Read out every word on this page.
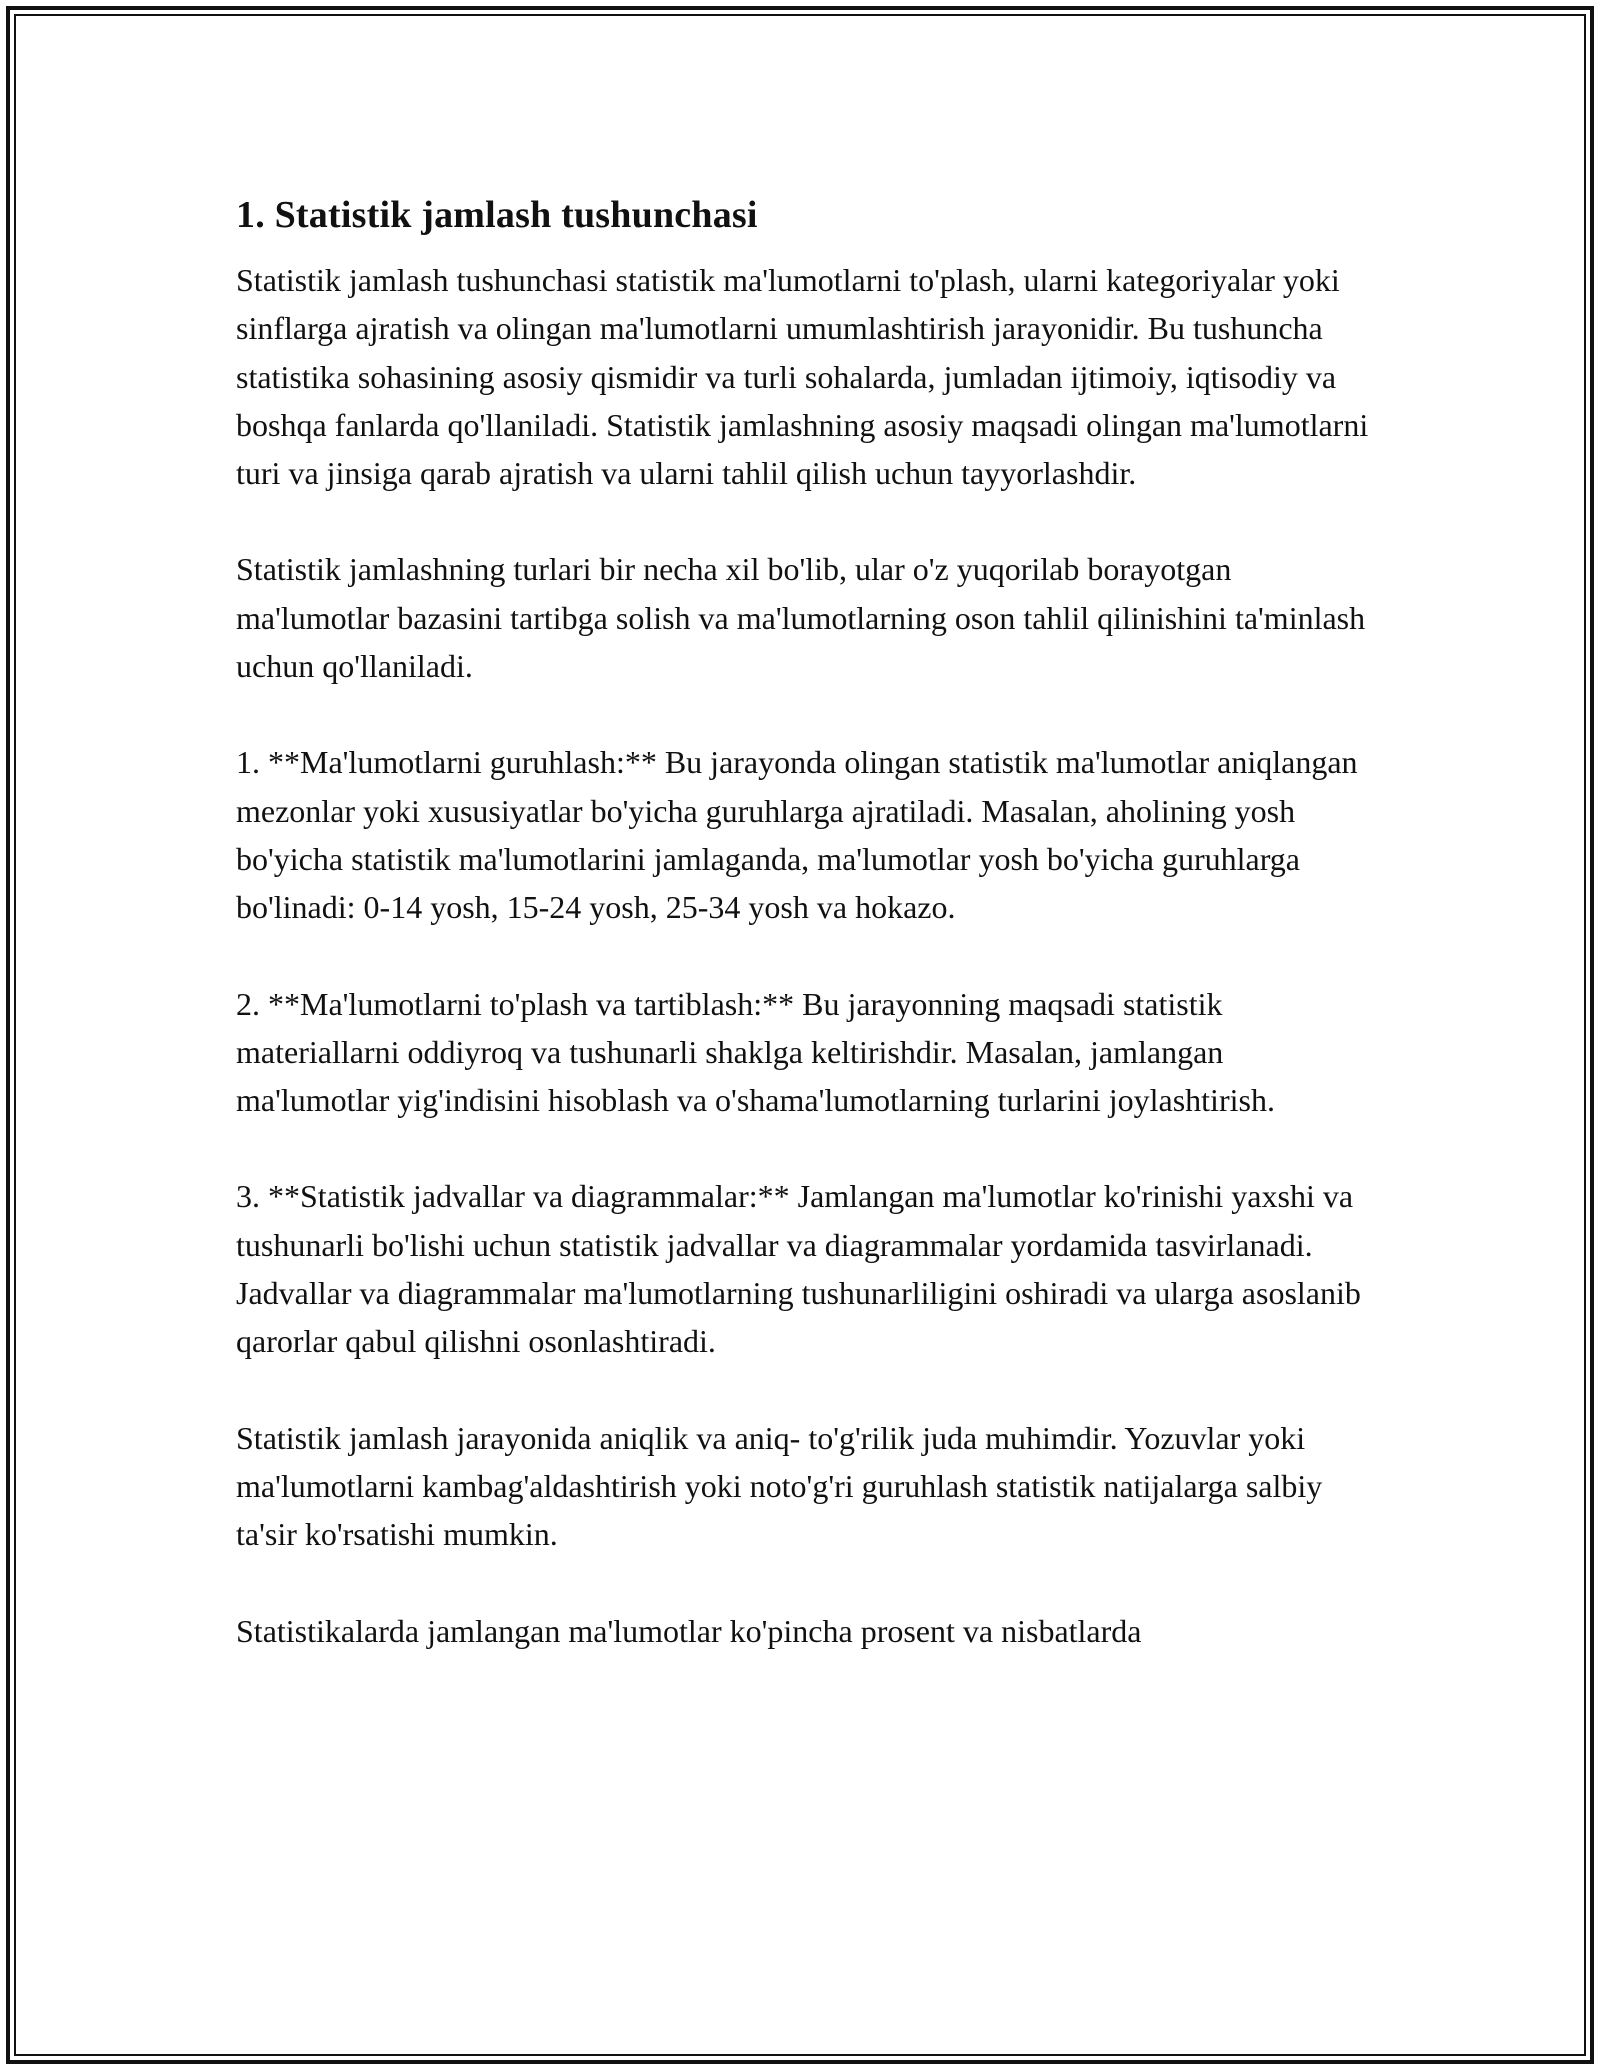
1. Statistik jamlash tushunchasi

Statistik jamlash tushunchasi statistik ma'lumotlarni to'plash, ularni kategoriyalar yoki sinflarga ajratish va olingan ma'lumotlarni umumlashtirish jarayonidir. Bu tushuncha statistika sohasining asosiy qismidir va turli sohalarda, jumladan ijtimoiy, iqtisodiy va boshqa fanlarda qo'llaniladi. Statistik jamlashning asosiy maqsadi olingan ma'lumotlarni turi va jinsiga qarab ajratish va ularni tahlil qilish uchun tayyorlashdir.

Statistik jamlashning turlari bir necha xil bo'lib, ular o'z yuqorilab borayotgan ma'lumotlar bazasini tartibga solish va ma'lumotlarning oson tahlil qilinishini ta'minlash uchun qo'llaniladi.

1. **Ma'lumotlarni guruhlash:** Bu jarayonda olingan statistik ma'lumotlar aniqlangan mezonlar yoki xususiyatlar bo'yicha guruhlarga ajratiladi. Masalan, aholining yosh bo'yicha statistik ma'lumotlarini jamlaganda, ma'lumotlar yosh bo'yicha guruhlarga bo'linadi: 0-14 yosh, 15-24 yosh, 25-34 yosh va hokazo.

2. **Ma'lumotlarni to'plash va tartiblash:** Bu jarayonning maqsadi statistik materiallarni oddiyroq va tushunarli shaklga keltirishdir. Masalan, jamlangan ma'lumotlar yig'indisini hisoblash va o'shama'lumotlarning turlarini joylashtirish.

3. **Statistik jadvallar va diagrammalar:** Jamlangan ma'lumotlar ko'rinishi yaxshi va tushunarli bo'lishi uchun statistik jadvallar va diagrammalar yordamida tasvirlanadi. Jadvallar va diagrammalar ma'lumotlarning tushunarliligini oshiradi va ularga asoslanib qarorlar qabul qilishni osonlashtiradi.

Statistik jamlash jarayonida aniqlik va aniq- to'g'rilik juda muhimdir. Yozuvlar yoki ma'lumotlarni kambag'aldashtirish yoki noto'g'ri guruhlash statistik natijalarga salbiy ta'sir ko'rsatishi mumkin.

Statistikalarda jamlangan ma'lumotlar ko'pincha prosent va nisbatlarda
